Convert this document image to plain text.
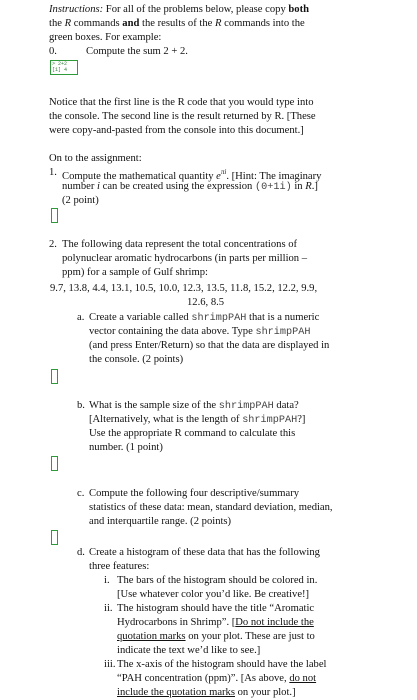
Instructions: For all of the problems below, please copy both
the R commands and the results of the R commands into the
green boxes. For example:
0.	Compute the sum 2 + 2.
> 2+2
[1] 4
Notice that the first line is the R code that you would type into
the console. The second line is the result returned by R. [These
were copy-and-pasted from the console into this document.]
On to the assignment:
1. Compute the mathematical quantity $e^{\pi i}$. [Hint: The imaginary
number i can be created using the expression (0+1i) in R.]
(2 point)
2. The following data represent the total concentrations of
polynuclear aromatic hydrocarbons (in parts per million –
ppm) for a sample of Gulf shrimp:
9.7, 13.8, 4.4, 13.1, 10.5, 10.0, 12.3, 13.5, 11.8, 15.2, 12.2, 9.9,
12.6, 8.5
a. Create a variable called shrimpPAH that is a numeric
vector containing the data above. Type shrimpPAH
(and press Enter/Return) so that the data are displayed in
the console. (2 points)
b. What is the sample size of the shrimpPAH data?
[Alternatively, what is the length of shrimpPAH?]
Use the appropriate R command to calculate this
number. (1 point)
c. Compute the following four descriptive/summary
statistics of these data: mean, standard deviation, median,
and interquartile range. (2 points)
d. Create a histogram of these data that has the following
three features:
i. The bars of the histogram should be colored in.
[Use whatever color you’d like. Be creative!]
ii. The histogram should have the title “Aromatic
Hydrocarbons in Shrimp”. [Do not include the
quotation marks on your plot. These are just to
indicate the text we’d like to see.]
iii. The x-axis of the histogram should have the label
“PAH concentration (ppm)”. [As above, do not
include the quotation marks on your plot.]
